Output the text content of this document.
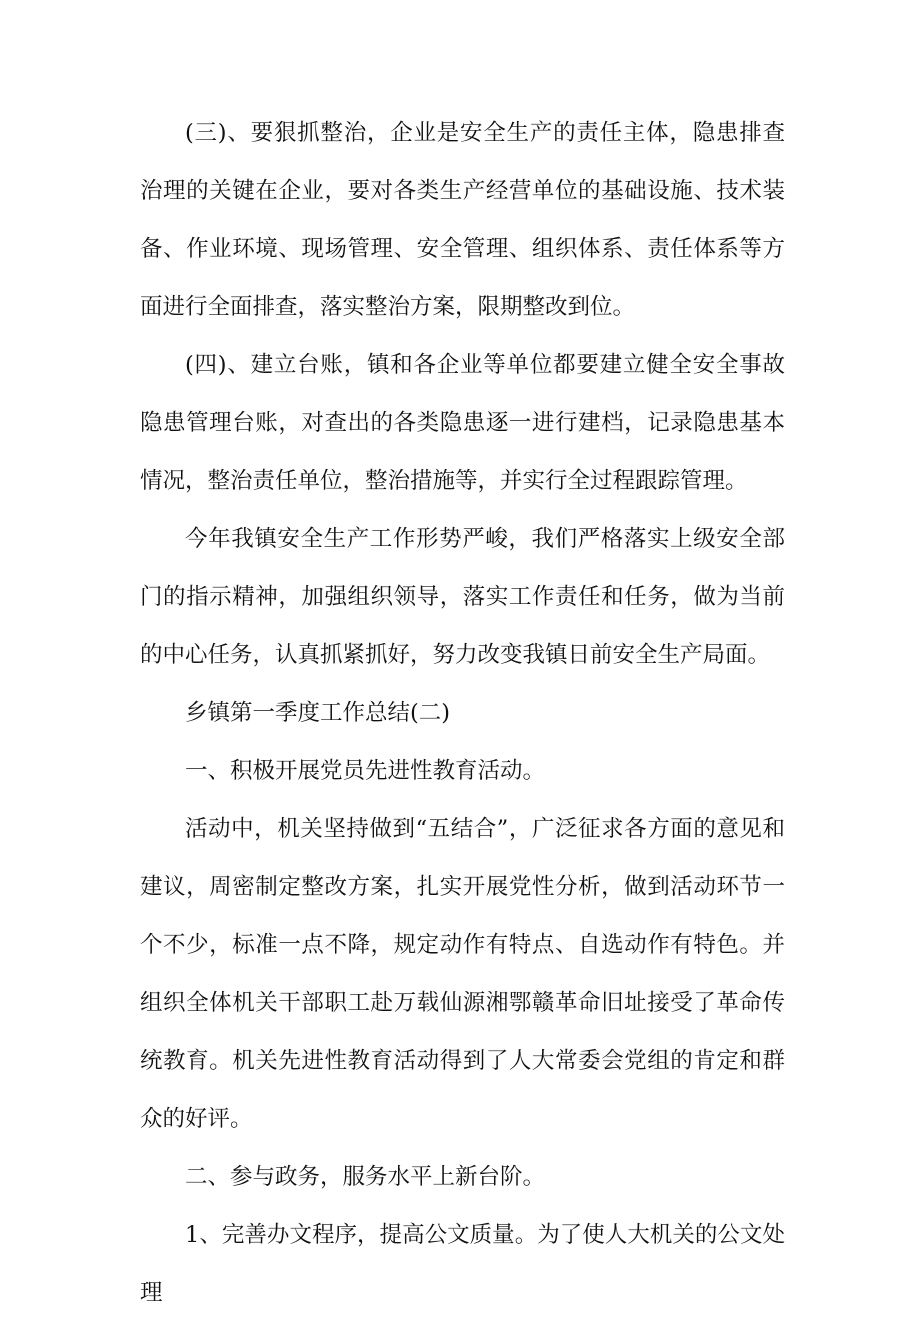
(三)、要狠抓整治，企业是安全生产的责任主体，隐患排查治理的关键在企业，要对各类生产经营单位的基础设施、技术装备、作业环境、现场管理、安全管理、组织体系、责任体系等方面进行全面排查，落实整治方案，限期整改到位。

(四)、建立台账，镇和各企业等单位都要建立健全安全事故隐患管理台账，对查出的各类隐患逐一进行建档，记录隐患基本情况，整治责任单位，整治措施等，并实行全过程跟踪管理。

今年我镇安全生产工作形势严峻，我们严格落实上级安全部门的指示精神，加强组织领导，落实工作责任和任务，做为当前的中心任务，认真抓紧抓好，努力改变我镇日前安全生产局面。

乡镇第一季度工作总结(二)

一、积极开展党员先进性教育活动。

活动中，机关坚持做到“五结合”，广泛征求各方面的意见和建议，周密制定整改方案，扎实开展党性分析，做到活动环节一个不少，标准一点不降，规定动作有特点、自选动作有特色。并组织全体机关干部职工赴万载仙源湘鄂赣革命旧址接受了革命传统教育。机关先进性教育活动得到了人大常委会党组的肯定和群众的好评。

二、参与政务，服务水平上新台阶。

1、完善办文程序，提高公文质量。为了使人大机关的公文处理
